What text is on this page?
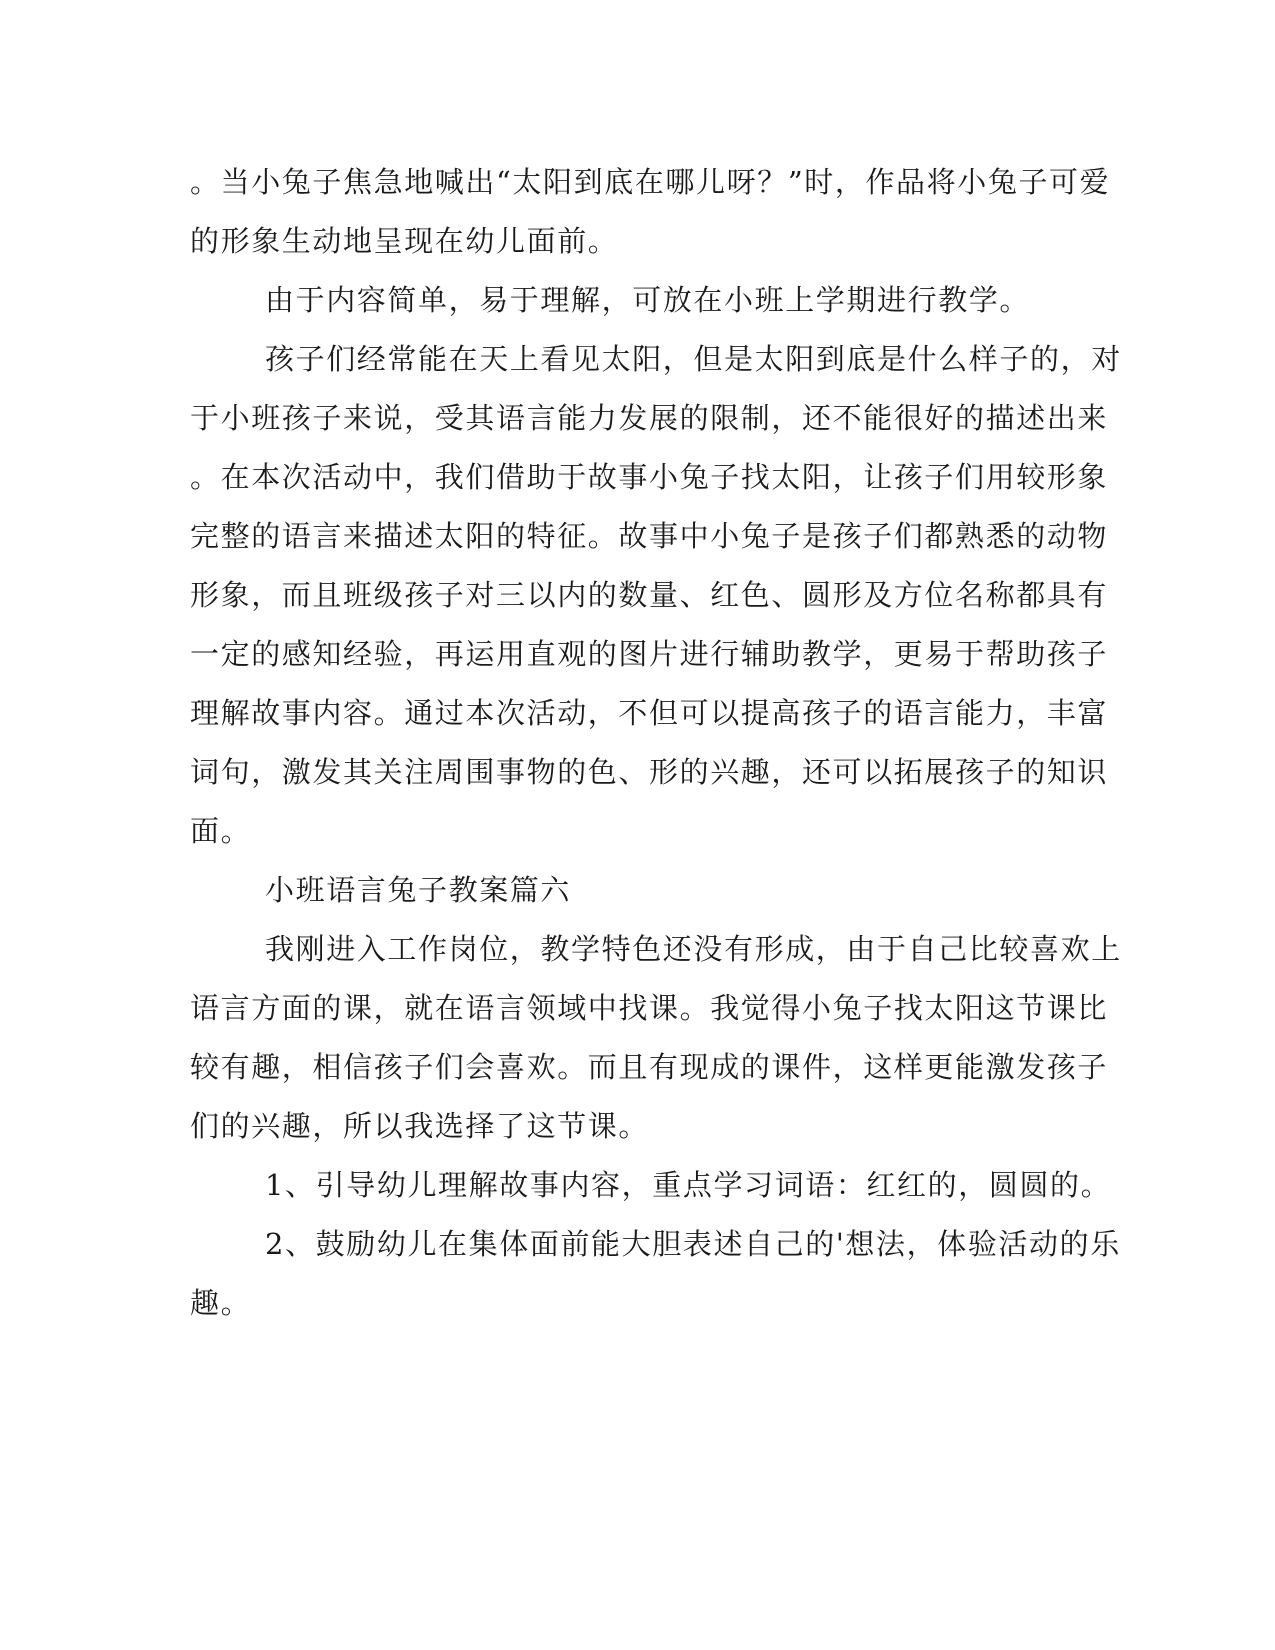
。当小兔子焦急地喊出“太阳到底在哪儿呀？”时，作品将小兔子可爱
的形象生动地呈现在幼儿面前。
由于内容简单，易于理解，可放在小班上学期进行教学。
孩子们经常能在天上看见太阳，但是太阳到底是什么样子的，对
于小班孩子来说，受其语言能力发展的限制，还不能很好的描述出来
。在本次活动中，我们借助于故事小兔子找太阳，让孩子们用较形象
完整的语言来描述太阳的特征。故事中小兔子是孩子们都熟悉的动物
形象，而且班级孩子对三以内的数量、红色、圆形及方位名称都具有
一定的感知经验，再运用直观的图片进行辅助教学，更易于帮助孩子
理解故事内容。通过本次活动，不但可以提高孩子的语言能力，丰富
词句，激发其关注周围事物的色、形的兴趣，还可以拓展孩子的知识
面。
小班语言兔子教案篇六
我刚进入工作岗位，教学特色还没有形成，由于自己比较喜欢上
语言方面的课，就在语言领域中找课。我觉得小兔子找太阳这节课比
较有趣，相信孩子们会喜欢。而且有现成的课件，这样更能激发孩子
们的兴趣，所以我选择了这节课。
1、引导幼儿理解故事内容，重点学习词语：红红的，圆圆的。
2、鼓励幼儿在集体面前能大胆表述自己的'想法，体验活动的乐
趣。
